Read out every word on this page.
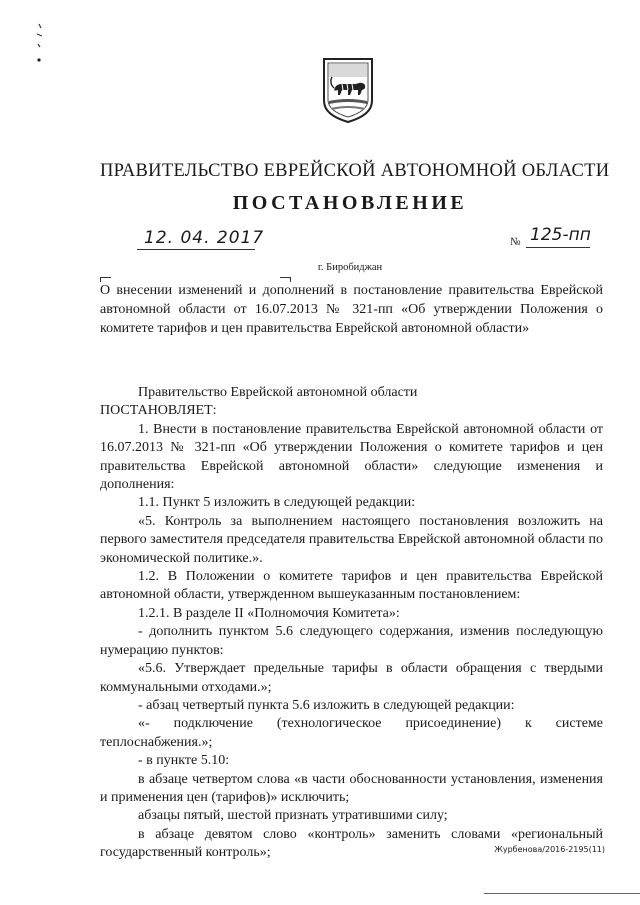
ПРАВИТЕЛЬСТВО ЕВРЕЙСКОЙ АВТОНОМНОЙ ОБЛАСТИ
ПОСТАНОВЛЕНИЕ
12. 04. 2017	№ 125-пп
г. Биробиджан
О внесении изменений и дополнений в постановление правительства Еврейской автономной области от 16.07.2013 № 321-пп «Об утверждении Положения о комитете тарифов и цен правительства Еврейской автономной области»

Правительство Еврейской автономной области

ПОСТАНОВЛЯЕТ:

1. Внести в постановление правительства Еврейской автономной области от 16.07.2013 № 321-пп «Об утверждении Положения о комитете тарифов и цен правительства Еврейской автономной области» следующие изменения и дополнения:

1.1. Пункт 5 изложить в следующей редакции:

«5. Контроль за выполнением настоящего постановления возложить на первого заместителя председателя правительства Еврейской автономной области по экономической политике.».

1.2. В Положении о комитете тарифов и цен правительства Еврейской автономной области, утвержденном вышеуказанным постановлением:

1.2.1. В разделе II «Полномочия Комитета»:

- дополнить пунктом 5.6 следующего содержания, изменив последующую нумерацию пунктов:

«5.6. Утверждает предельные тарифы в области обращения с твердыми коммунальными отходами.»;

- абзац четвертый пункта 5.6 изложить в следующей редакции:

«- подключение (технологическое присоединение) к системе теплоснабжения.»;

- в пункте 5.10:

в абзаце четвертом слова «в части обоснованности установления, изменения и применения цен (тарифов)» исключить;

абзацы пятый, шестой признать утратившими силу;

в абзаце девятом слово «контроль» заменить словами «региональный государственный контроль»;	Журбенова/2016-2195(11)
